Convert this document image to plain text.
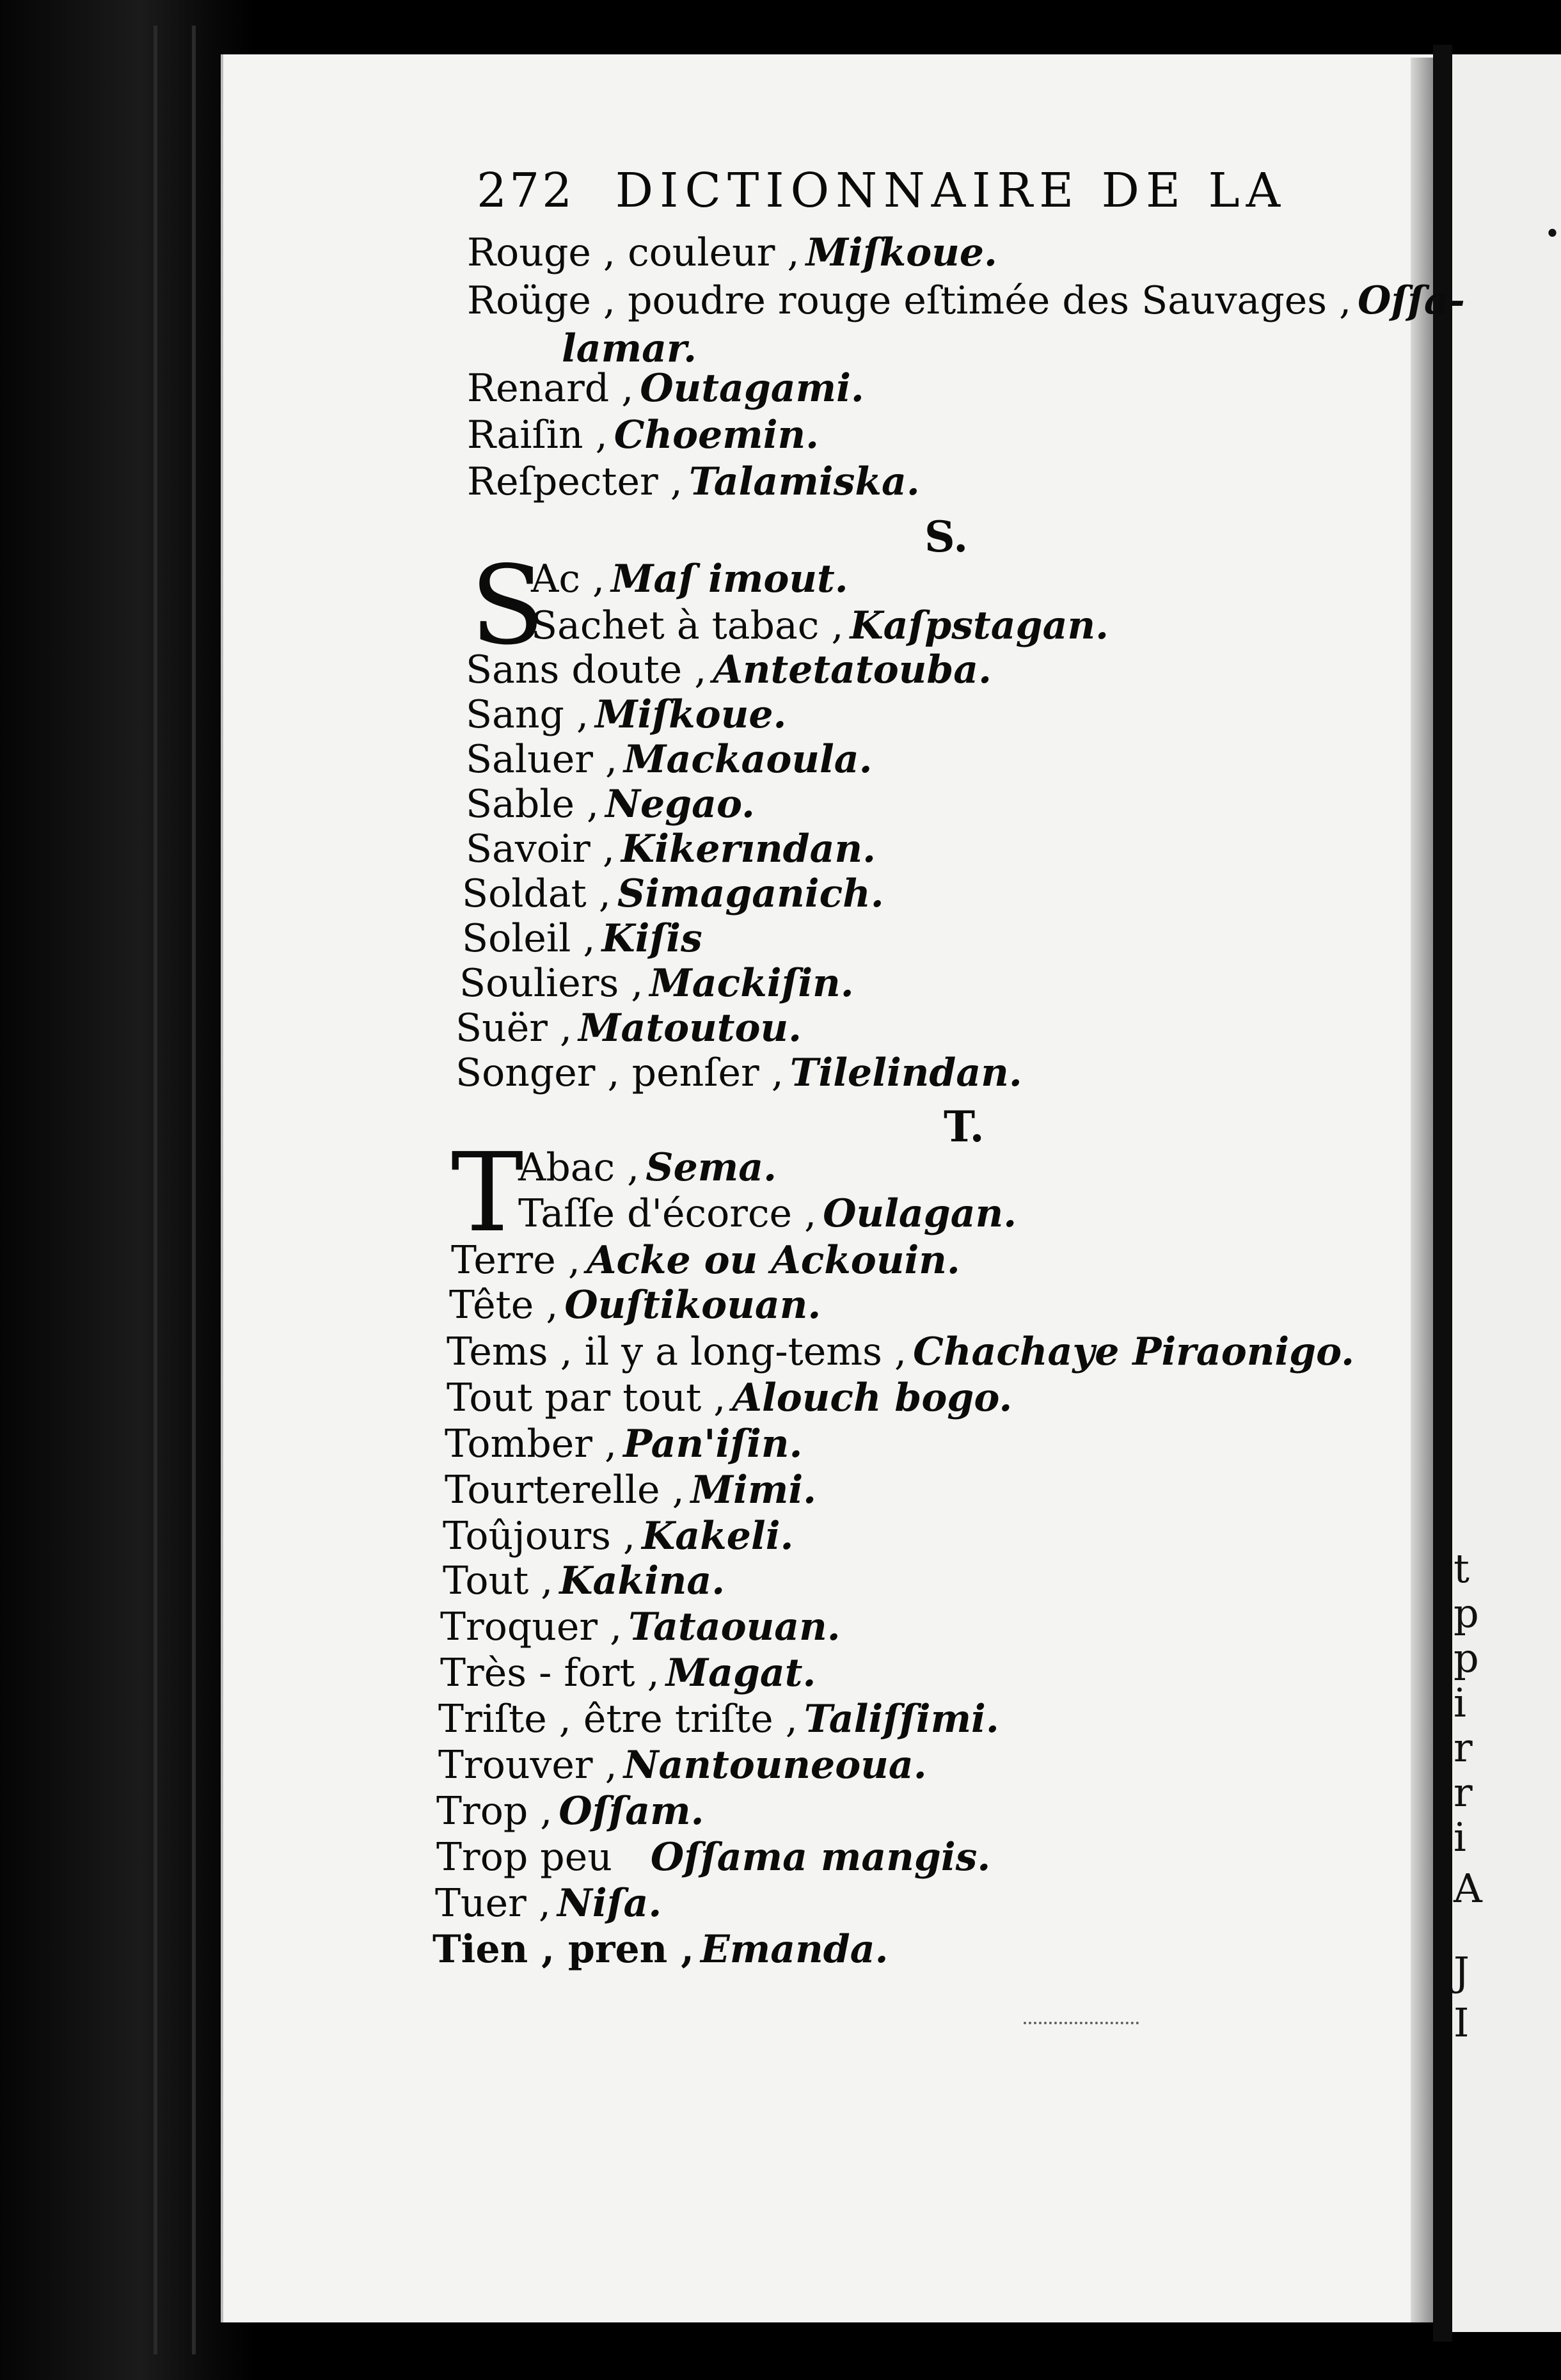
·
t
p
p
i
r
r
i
A
J
I
272 DICTIONNAIRE DE LA
Rouge , couleur , Miſkoue.
Roüge , poudre rouge eſtimée des Sauvages , Oſſa-
lamar.
Renard , Outagami.
Raiſin , Choemin.
Reſpecter , Talamiska.
S.
S
Ac , Maſ imout.
Sachet à tabac , Kaſpstagan.
Sans doute , Antetatouba.
Sang , Miſkoue.
Saluer , Mackaoula.
Sable , Negao.
Savoir , Kikerından.
Soldat , Simaganich.
Soleil , Kiſis
Souliers , Mackiſin.
Suër , Matoutou.
Songer , penſer , Tilelindan.
T.
T
Abac , Sema.
Taſſe d'écorce , Oulagan.
Terre , Acke ou Ackouin.
Tête , Ouſtikouan.
Tems , il y a long-tems , Chachaye Piraonigo.
Tout par tout , Alouch bogo.
Tomber , Pan'iſin.
Tourterelle , Mimi.
Toûjours , Kakeli.
Tout , Kakina.
Troquer , Tataouan.
Très - fort , Magat.
Triſte , être triſte , Taliſſimi.
Trouver , Nantouneoua.
Trop , Oſſam.
Trop peu Oſſama mangis.
Tuer , Niſa.
Tien , pren , Emanda.
